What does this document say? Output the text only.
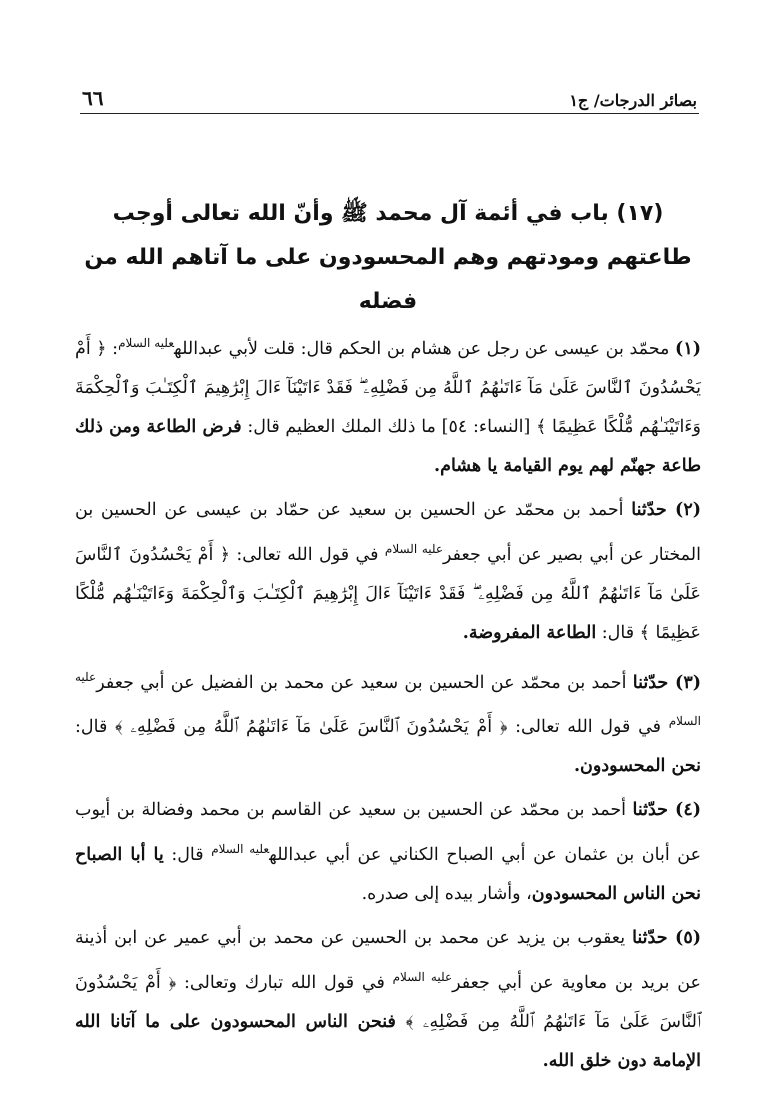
بصائر الدرجات/ ج١
٦٦
(١٧) باب في أئمة آل محمد ﷺ وأنّ الله تعالى أوجب
طاعتهم ومودتهم وهم المحسودون على ما آتاهم الله من فضله

(١) محمّد بن عيسى عن رجل عن هشام بن الحكم قال: قلت لأبي عبدالله$^{عليه السلام}$: ﴿ أَمْ يَحْسُدُونَ ٱلنَّاسَ عَلَىٰ مَآ ءَاتَىٰهُمُ ٱللَّهُ مِن فَضْلِهِۦ ۖ فَقَدْ ءَاتَيْنَآ ءَالَ إِبْرَٰهِيمَ ٱلْكِتَـٰبَ وَٱلْحِكْمَةَ وَءَاتَيْنَـٰهُم مُّلْكًا عَظِيمًا ﴾ [النساء: ٥٤] ما ذلك الملك العظيم قال: فرض الطاعة ومن ذلك طاعة جهنّم لهم يوم القيامة يا هشام.

(٢) حدّثنا أحمد بن محمّد عن الحسين بن سعيد عن حمّاد بن عيسى عن الحسين بن المختار عن أبي بصير عن أبي جعفر$^{عليه السلام}$ في قول الله تعالى: ﴿ أَمْ يَحْسُدُونَ ٱلنَّاسَ عَلَىٰ مَآ ءَاتَىٰهُمُ ٱللَّهُ مِن فَضْلِهِۦ ۖ فَقَدْ ءَاتَيْنَآ ءَالَ إِبْرَٰهِيمَ ٱلْكِتَـٰبَ وَٱلْحِكْمَةَ وَءَاتَيْنَـٰهُم مُّلْكًا عَظِيمًا ﴾ قال: الطاعة المفروضة.

(٣) حدّثنا أحمد بن محمّد عن الحسين بن سعيد عن محمد بن الفضيل عن أبي جعفر$^{عليه السلام}$ في قول الله تعالى: ﴿ أَمْ يَحْسُدُونَ ٱلنَّاسَ عَلَىٰ مَآ ءَاتَىٰهُمُ ٱللَّهُ مِن فَضْلِهِۦ ﴾ قال: نحن المحسودون.

(٤) حدّثنا أحمد بن محمّد عن الحسين بن سعيد عن القاسم بن محمد وفضالة بن أيوب عن أبان بن عثمان عن أبي الصباح الكناني عن أبي عبدالله$^{عليه السلام}$ قال: يا أبا الصباح نحن الناس المحسودون، وأشار بيده إلى صدره.

(٥) حدّثنا يعقوب بن يزيد عن محمد بن الحسين عن محمد بن أبي عمير عن ابن أذينة عن بريد بن معاوية عن أبي جعفر$^{عليه السلام}$ في قول الله تبارك وتعالى: ﴿ أَمْ يَحْسُدُونَ ٱلنَّاسَ عَلَىٰ مَآ ءَاتَىٰهُمُ ٱللَّهُ مِن فَضْلِهِۦ ﴾ فنحن الناس المحسودون على ما آتانا الله الإمامة دون خلق الله.
